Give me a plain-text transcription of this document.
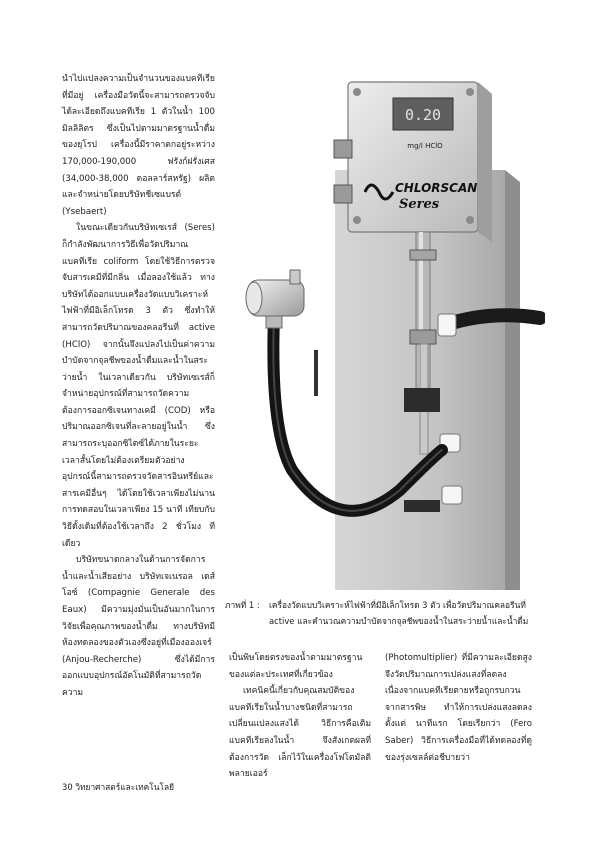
นำไปแปลงความเป็นจำนวนของแบคทีเรียที่มีอยู่ เครื่องมือวัดนี้จะสามารถตรวจจับได้ละเอียดถึงแบคทีเรีย 1 ตัวในน้ำ 100 มิลลิลิตร ซึ่งเป็นไปตามมาตรฐานน้ำดื่มของยุโรป เครื่องนี้มีราคาตกอยู่ระหว่าง 170,000-190,000 ฟรังก์ฝรั่งเศส (34,000-38,000 ดอลลาร์สหรัฐ) ผลิตและจำหน่ายโดยบริษัทชีเซแบรต์ (Ysebaert)

ในขณะเดียวกันบริษัทเซเรส์ (Seres) ก็กำลังพัฒนาการวิธีเพื่อวัดปริมาณแบคทีเรีย coliform โดยใช้วิธีการตรวจจับสารเคมีที่มีกลิ่น เมื่อลองใช้แล้ว ทางบริษัทได้ออกแบบเครื่องวัดแบบวิเคราะห์ไฟฟ้าที่มีอิเล็กโทรด 3 ตัว ซึ่งทำให้สามารถวัดปริมาณของคลอรีนที่ active (HClO) จากนั้นจึงแปลงไปเป็นค่าความบำบัดจากจุลชีพของน้ำดื่มและน้ำในสระว่ายน้ำ ในเวลาเดียวกัน บริษัทเซเรส์ก็จำหน่ายอุปกรณ์ที่สามารถวัดความต้องการออกซิเจนทางเคมี (COD) หรือปริมาณออกซิเจนที่ละลายอยู่ในน้ำ ซึ่งสามารถระบุออกซิไดซ์ได้ภายในระยะเวลาสั้นโดยไม่ต้องเตรียมตัวอย่าง อุปกรณ์นี้สามารถตรวจวัดสารอินทรีย์และสารเคมีอื่นๆ ได้โดยใช้เวลาเพียงไม่นาน การทดสอบในเวลาเพียง 15 นาที เทียบกับวิธีดั้งเดิมที่ต้องใช้เวลาถึง 2 ชั่วโมง ทีเดียว

บริษัทขนาดกลางในด้านการจัดการน้ำและน้ำเสียอย่าง บริษัทเจเนรอล เดส์ โอซ์ (Compagnie Generale des Eaux) มีความมุ่งมั่นเป็นอันมากในการวิจัยเพื่อคุณภาพของน้ำดื่ม ทางบริษัทมีห้องทดลองของตัวเองซึ่งอยู่ที่เมืองอองเจร์ (Anjou-Recherche) ซึ่งได้มีการออกแบบอุปกรณ์อัตโนมัติที่สามารถวัดความ

0.20
mg/l HClO
CHLORSCAN
Seres
ภาพที่ 1 :	เครื่องวัดแบบวิเคราะห์ไฟฟ้าที่มีอิเล็กโทรด 3 ตัว เพื่อวัดปริมาณคลอรีนที่ active และคำนวณความบำบัดจากจุลชีพของน้ำในสระว่ายน้ำและน้ำดื่ม

เป็นพิษโดยตรงของน้ำตามมาตรฐานของแต่ละประเทศที่เกี่ยวข้อง

เทคนิคนี้เกี่ยวกับคุณสมบัติของแบคทีเรียในน้ำบางชนิดที่สามารถเปลี่ยนแปลงแสงได้ วิธีการคือเติมแบคทีเรียลงในน้ำ จึงสังเกตผลที่ต้องการวัด เล็กไว้ในเครื่องโฟโตมัลติพลายเออร์

(Photomultiplier) ที่มีความละเอียดสูงจึงวัดปริมาณการเปล่งแสงที่ลดลง เนื่องจากแบคทีเรียตายหรือถูกรบกวนจากสารพิษ ทำให้การเปล่งแสงลดลงตั้งแต่ นาทีแรก โดยเรียกว่า (Fero Saber) วิธีการเครื่องมือที่ได้ทดลองที่ดูของรุ่งเซลล์ต่อชีบายว่า

30 วิทยาศาสตร์และเทคโนโลยี
